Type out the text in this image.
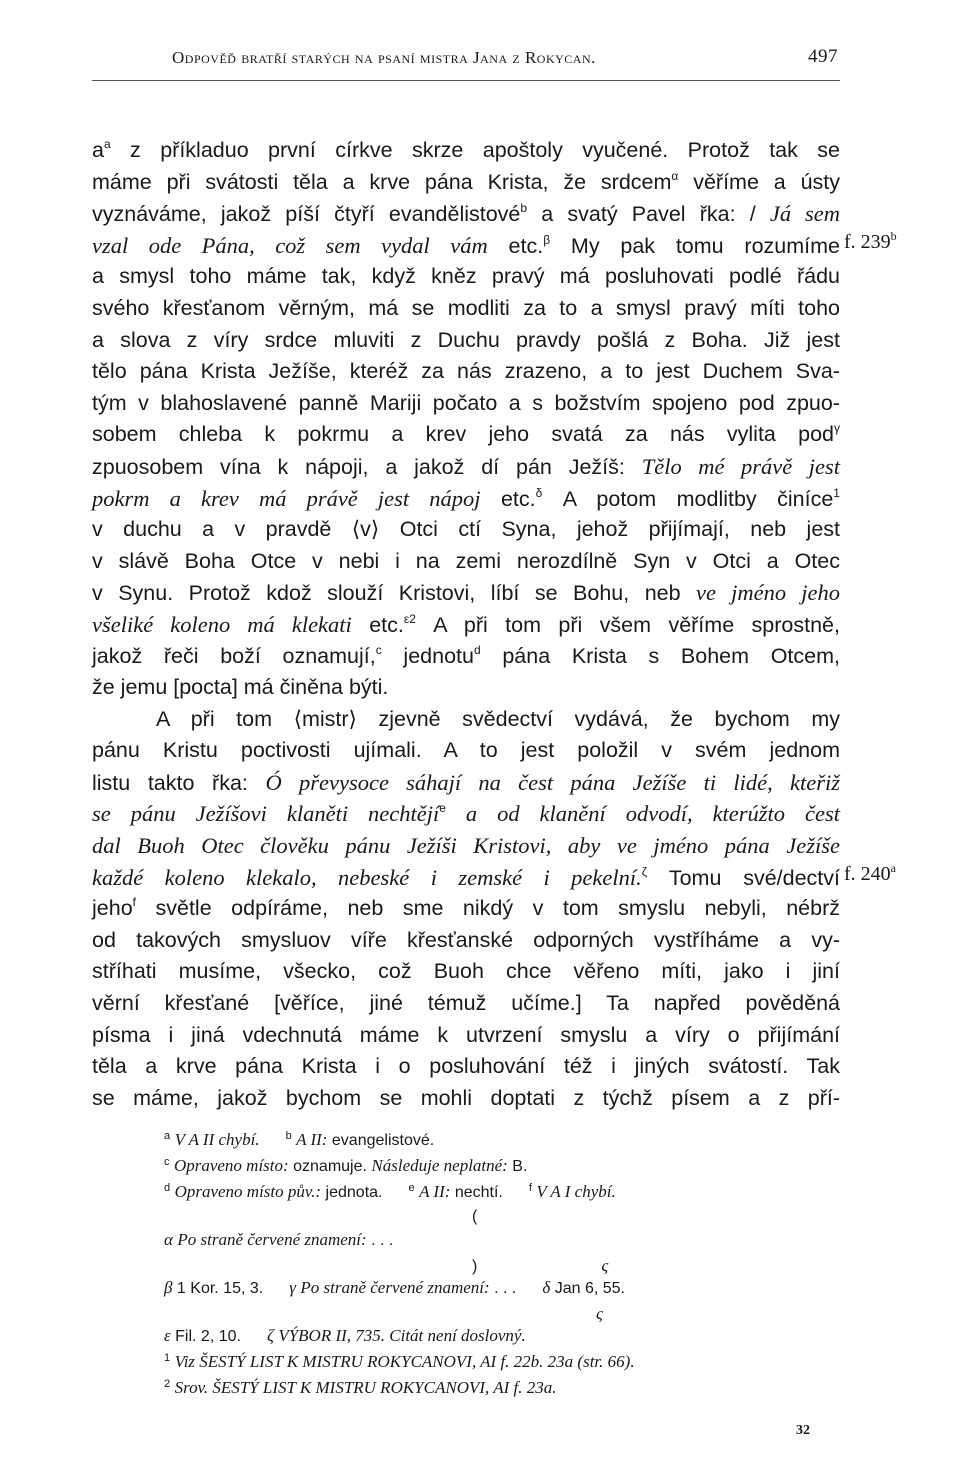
Odpověď bratří starých na psaní mistra Jana z Rokycan.	497
$a^a$ z příkladuo první církve skrze apoštoly vyučené. Protož tak se
máme při svátosti těla a krve pána Krista, že srdcem$^\alpha$ věříme a ústy
vyznáváme, jakož píší čtyří evandělistové$^b$ a svatý Pavel řka: / Já sem
vzal ode Pána, což sem vydal vám etc.$^\beta$ My pak tomu rozumíme
a smysl toho máme tak, když kněz pravý má posluhovati podlé řádu
svého křesťanom věrným, má se modliti za to a smysl pravý míti toho
a slova z víry srdce mluviti z Duchu pravdy pošlá z Boha. Již jest
tělo pána Krista Ježíše, kteréž za nás zrazeno, a to jest Duchem Sva-
tým v blahoslavené panně Mariji počato a s božstvím spojeno pod zpuo-
sobem chleba k pokrmu a krev jeho svatá za nás vylita pod$^\gamma$
zpuosobem vína k nápoji, a jakož dí pán Ježíš: Tělo mé právě jest
pokrm a krev má právě jest nápoj etc.$^\delta$ A potom modlitby činíce$^1$
v duchu a v pravdě ⟨v⟩ Otci ctí Syna, jehož přijímají, neb jest
v slávě Boha Otce v nebi i na zemi nerozdílně Syn v Otci a Otec
v Synu. Protož kdož slouží Kristovi, líbí se Bohu, neb ve jméno jeho
všeliké koleno má klekati etc.$^{\varepsilon 2}$ A při tom při všem věříme sprostně,
jakož řeči boží oznamují,$^c$ jednotu$^d$ pána Krista s Bohem Otcem,
že jemu [pocta] má činěna býti.
A při tom ⟨mistr⟩ zjevně svědectví vydává, že bychom my
pánu Kristu poctivosti ujímali. A to jest položil v svém jednom
listu takto řka: Ó převysoce sáhají na čest pána Ježíše ti lidé, kteřiž
se pánu Ježíšovi klaněti nechtějí$^e$ a od klanění odvodí, kterúžto čest
dal Buoh Otec člověku pánu Ježíši Kristovi, aby ve jméno pána Ježíše
každé koleno klekalo, nebeské i zemské i pekelní.$^\zeta$ Tomu své/dectví
jeho$^f$ světle odpíráme, neb sme nikdý v tom smyslu nebyli, nébrž
od takových smysluov víře křesťanské odporných vystříháme a vy-
stříhati musíme, všecko, což Buoh chce věřeno míti, jako i jiní
věrní křesťané [věříce, jiné témuž učíme.] Ta napřed pověděná
písma i jiná vdechnutá máme k utvrzení smyslu a víry o přijímání
těla a krve pána Krista i o posluhování též i jiných svátostí. Tak
se máme, jakož bychom se mohli doptati z týchž písem a z pří-
f. 239$^b$
f. 240$^a$
$^a$ V A II chybí. $^b$ A II: evangelistové.
$^c$ Opraveno místo: oznamuje. Následuje neplatné: B.
$^d$ Opraveno místo pův.: jednota. $^e$ A II: nechtí. $^f$ V A I chybí.
(
α Po straně červené znamení: . . .
)	ς
β 1 Kor. 15, 3. γ Po straně červené znamení: . . . δ Jan 6, 55.
ς
ε Fil. 2, 10. ζ VÝBOR II, 735. Citát není doslovný.
$^1$ Viz ŠESTÝ LIST K MISTRU ROKYCANOVI, AI f. 22b. 23a (str. 66).
$^2$ Srov. ŠESTÝ LIST K MISTRU ROKYCANOVI, AI f. 23a.
32
